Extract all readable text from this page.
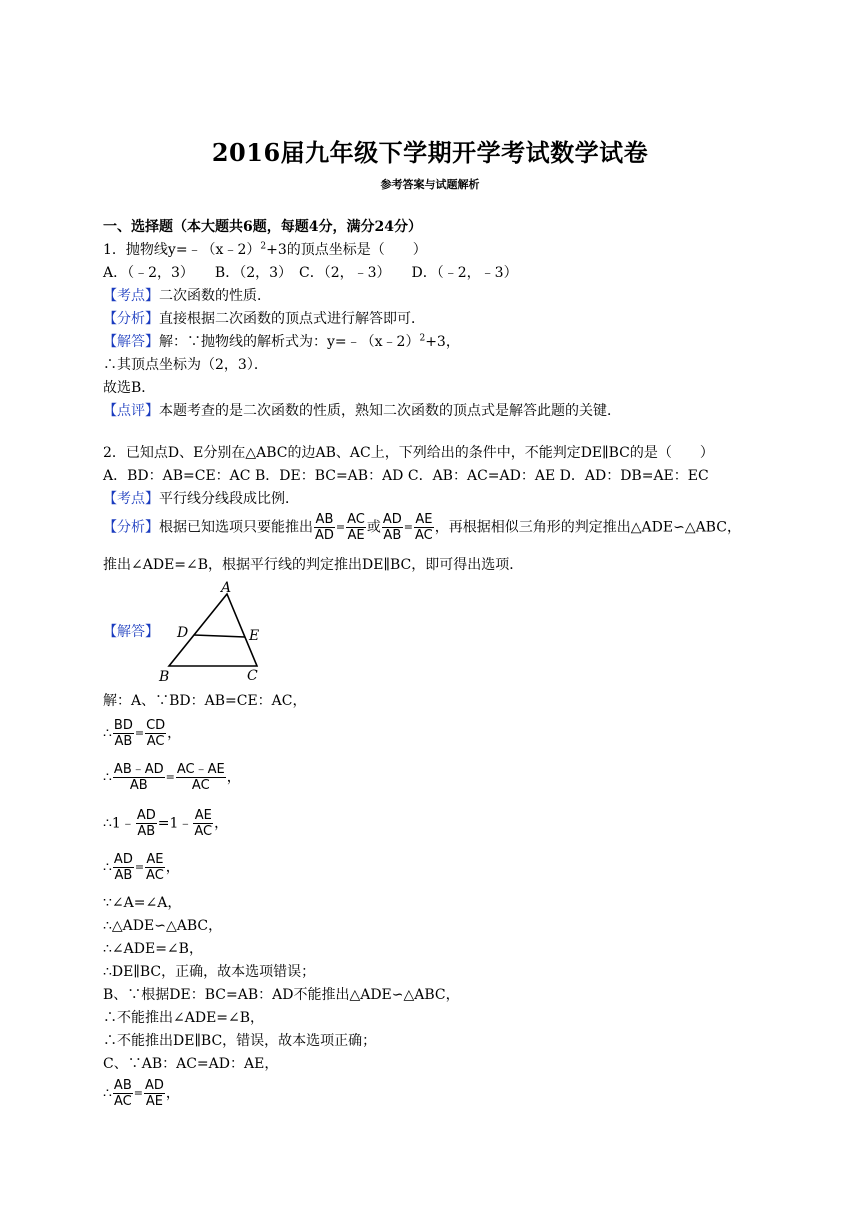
2016届九年级下学期开学考试数学试卷
参考答案与试题解析
一、选择题（本大题共6题，每题4分，满分24分）
1．抛物线y=﹣（x﹣2）$^2$+3的顶点坐标是（　　）
A．（﹣2，3）　　B．（2，3）　C．（2，﹣3）　　D．（﹣2，﹣3）
【考点】二次函数的性质．
【分析】直接根据二次函数的顶点式进行解答即可．
【解答】解：∵抛物线的解析式为：y=﹣（x﹣2）$^2$+3，
∴其顶点坐标为（2，3）．
故选B．
【点评】本题考查的是二次函数的性质，熟知二次函数的顶点式是解答此题的关键．
2．已知点D、E分别在△ABC的边AB、AC上，下列给出的条件中，不能判定DE∥BC的是（　　）
A．BD：AB=CE：AC B．DE：BC=AB：AD C．AB：AC=AD：AE D．AD：DB=AE：EC
【考点】平行线分线段成比例．
【分析】根据已知选项只要能推出 $\frac{AB}{AD} = \frac{AC}{AE}$ 或 $\frac{AD}{AB} = \frac{AE}{AC}$ ，再根据相似三角形的判定推出△ADE∽△ABC，
推出∠ADE=∠B，根据平行线的判定推出DE∥BC，即可得出选项．
【解答】
A
D	E
B	C
解：A、∵BD：AB=CE：AC，
∴ $\frac{BD}{AB} = \frac{CD}{AC}$ ，
∴ $\frac{AB﹣AD}{AB} = \frac{AC﹣AE}{AC}$ ，
∴1﹣ $\frac{AD}{AB}$ =1﹣ $\frac{AE}{AC}$ ，
∴ $\frac{AD}{AB} = \frac{AE}{AC}$ ，
∵∠A=∠A，
∴△ADE∽△ABC，
∴∠ADE=∠B，
∴DE∥BC，正确，故本选项错误；
B、∵根据DE：BC=AB：AD不能推出△ADE∽△ABC，
∴不能推出∠ADE=∠B，
∴不能推出DE∥BC，错误，故本选项正确；
C、∵AB：AC=AD：AE，
∴ $\frac{AB}{AC} = \frac{AD}{AE}$ ，
